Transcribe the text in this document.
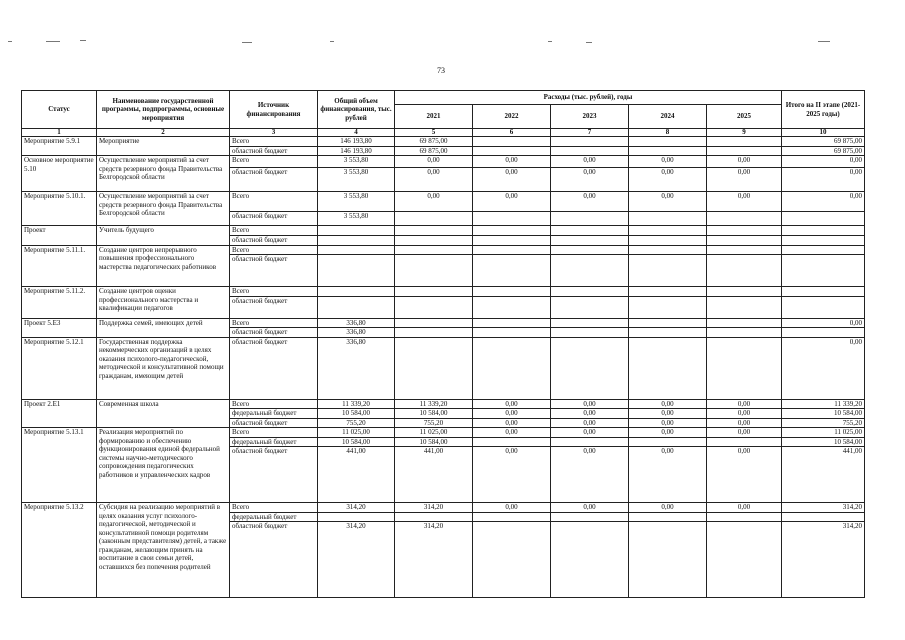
73
Статус	Наименование государственной программы, подпрограммы, основные мероприятия	Источник финансирования	Общий объем финансирования, тыс. рублей	Расходы (тыс. рублей), годы					Итого на II этапе (2021-2025 годы)
				2021	2022	2023	2024	2025	
1	2	3	4	5	6	7	8	9	10
Мероприятие 5.9.1	Мероприятие	Всего	146 193,80	69 875,00					69 875,00
		областной бюджет	146 193,80	69 875,00					69 875,00
Основное мероприятие 5.10	Осуществление мероприятий за счет средств резервного фонда Правительства Белгородской области	Всего	3 553,80	0,00	0,00	0,00	0,00	0,00	0,00
		областной бюджет	3 553,80	0,00	0,00	0,00	0,00	0,00	0,00
Мероприятие 5.10.1.	Осуществление мероприятий за счет средств резервного фонда Правительства Белгородской области	Всего	3 553,80	0,00	0,00	0,00	0,00	0,00	0,00
		областной бюджет	3 553,80						
Проект	Учитель будущего	Всего							
		областной бюджет							
Мероприятие 5.11.1.	Создание центров непрерывного повышения профессионального мастерства педагогических работников	Всего							
		областной бюджет							
Мероприятие 5.11.2.	Создание центров оценки профессионального мастерства и квалификации педагогов	Всего							
		областной бюджет							
Проект 5.Е3	Поддержка семей, имеющих детей	Всего	336,80						0,00
		областной бюджет	336,80						
Мероприятие 5.12.1	Государственная поддержка некоммерческих организаций в целях оказания психолого-педагогической, методической и консультативной помощи гражданам, имеющим детей	областной бюджет	336,80						0,00
Проект 2.Е1	Современная школа	Всего	11 339,20	11 339,20	0,00	0,00	0,00	0,00	11 339,20
		федеральный бюджет	10 584,00	10 584,00	0,00	0,00	0,00	0,00	10 584,00
		областной бюджет	755,20	755,20	0,00	0,00	0,00	0,00	755,20
Мероприятие 5.13.1	Реализация мероприятий по формированию и обеспечению функционирования единой федеральной системы научно-методического сопровождения педагогических работников и управленческих кадров	Всего	11 025,00	11 025,00	0,00	0,00	0,00	0,00	11 025,00
		федеральный бюджет	10 584,00	10 584,00					10 584,00
		областной бюджет	441,00	441,00	0,00	0,00	0,00	0,00	441,00
Мероприятие 5.13.2	Субсидия на реализацию мероприятий в целях оказания услуг психолого-педагогической, методической и консультативной помощи родителям (законным представителям) детей, а также гражданам, желающим принять на воспитание в свои семьи детей, оставшихся без попечения родителей	Всего	314,20	314,20	0,00	0,00	0,00	0,00	314,20
		федеральный бюджет							
		областной бюджет	314,20	314,20					314,20
